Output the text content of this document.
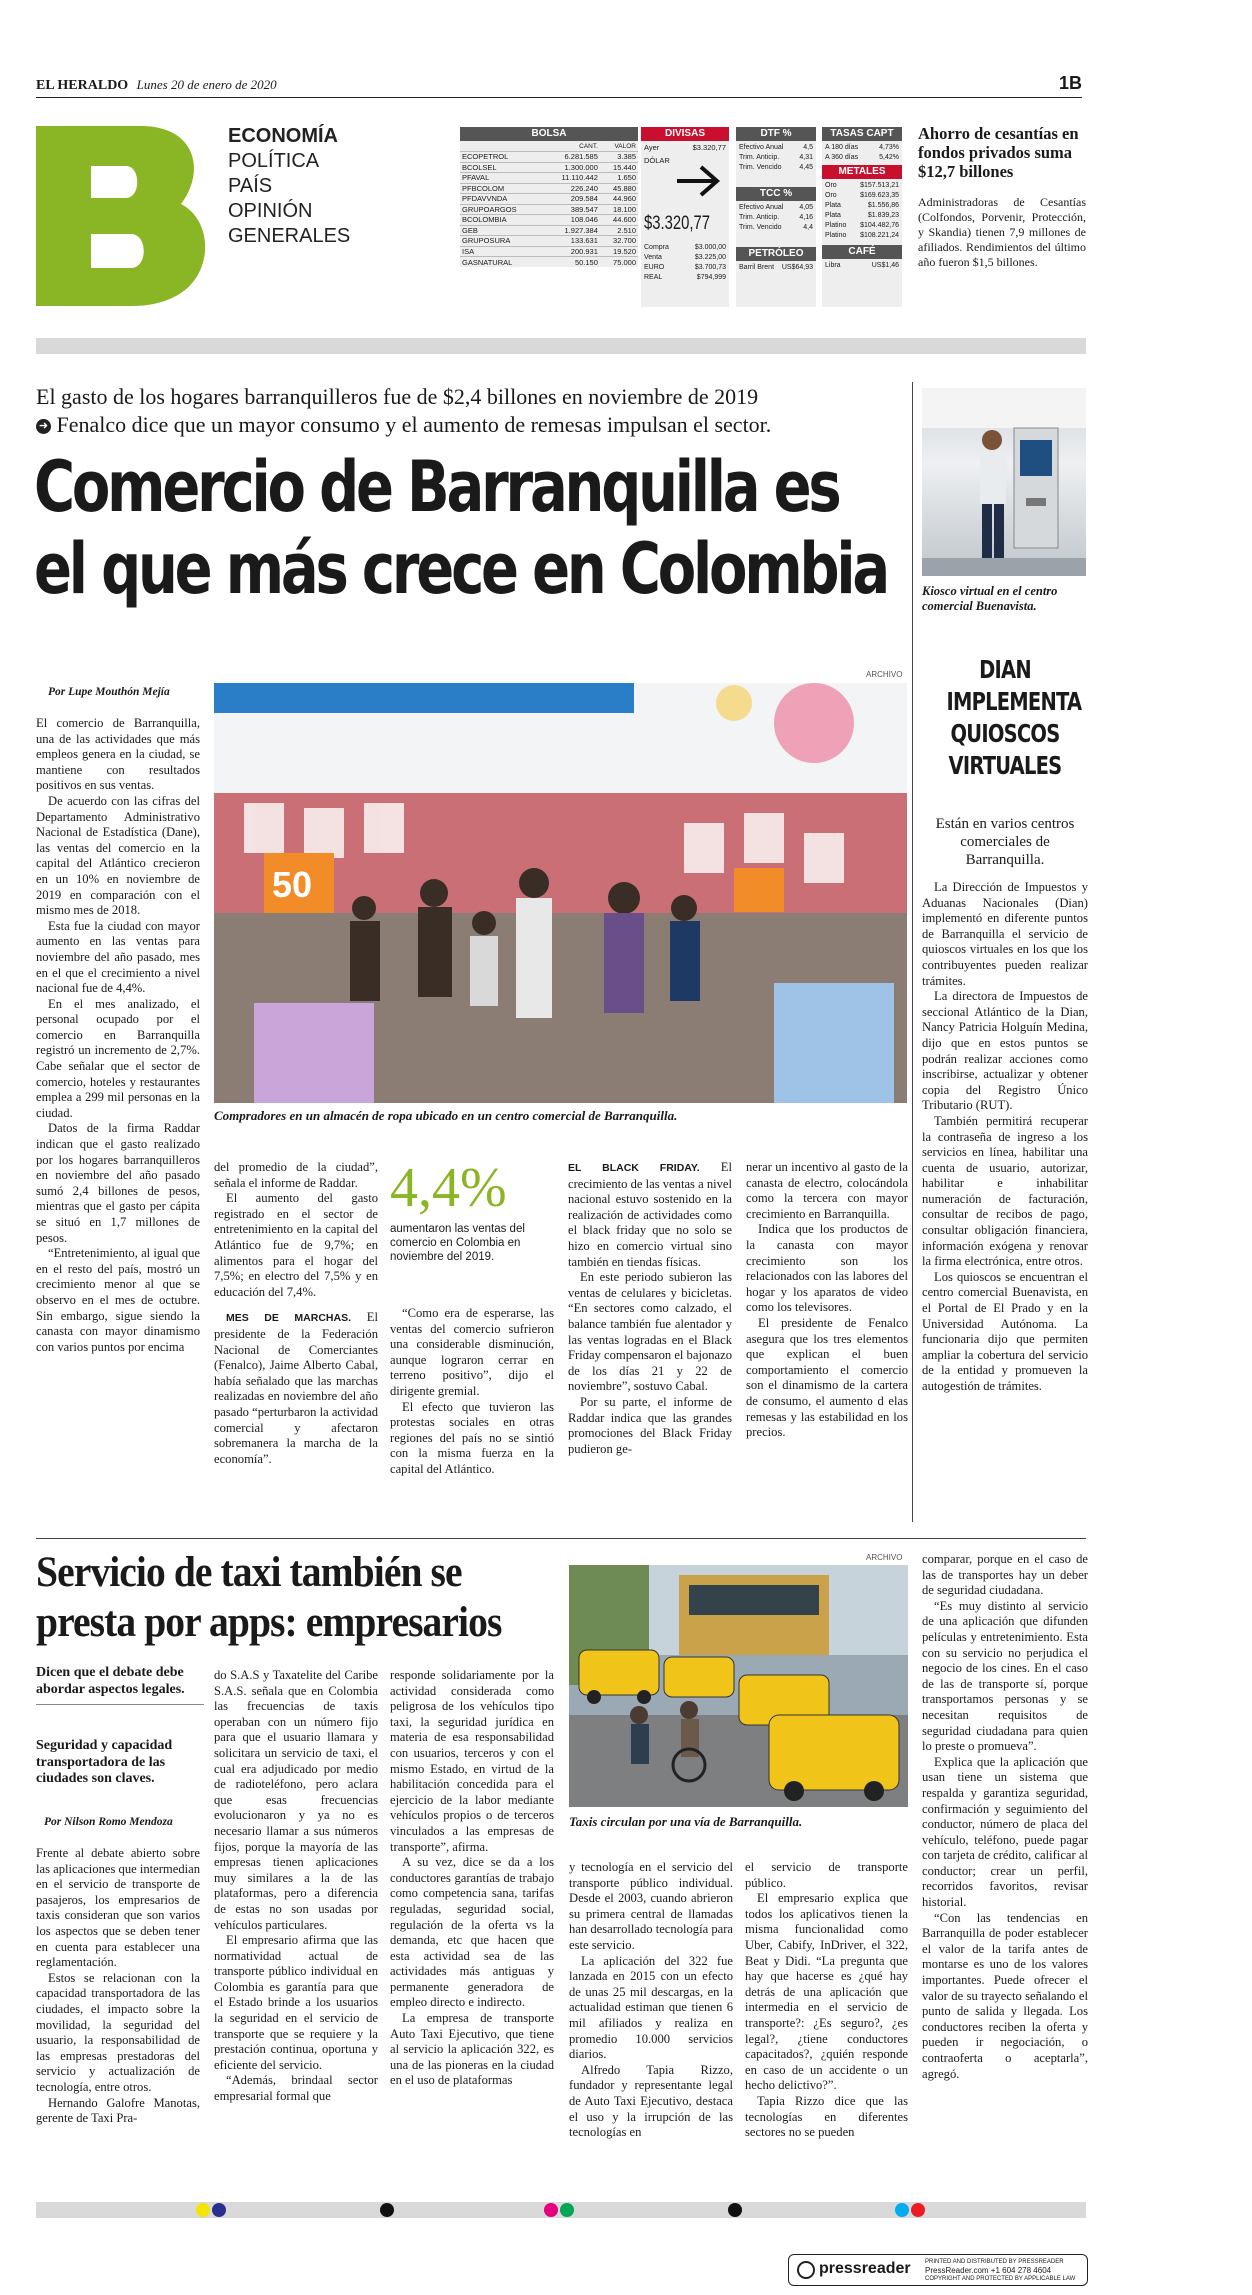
EL HERALDO Lunes 20 de enero de 2020	1B
ECONOMÍA
POLÍTICA
PAÍS
OPINIÓN
GENERALES
BOLSA
	CANT.	VALOR
ECOPETROL	6.281.585	3.385
BCOLSEL	1.300.000	15.440
PFAVAL	11.110.442	1.650
PFBCOLOM	226.240	45.880
PFDAVVNDA	209.584	44.960
GRUPOARGOS	389.547	18.100
BCOLOMBIA	108.046	44.600
GEB	1.927.384	2.510
GRUPOSURA	133.631	32.700
ISA	200.931	19.520
GASNATURAL	50.150	75.000
DIVISAS
Ayer	$3.320,77
DÓLAR
$3.320,77
Compra	$3.000,00
Venta	$3.225,00
EURO	$3.700,73
REAL	$794,999
DTF %
Efectivo Anual	4,5
Trim. Anticip.	4,31
Trim. Vencido	4,45
TCC %
Efectivo Anual 4,05
Trim. Anticip.	4,16
Trim. Vencido	4,4
PETRÓLEO
Barril Brent US$64,93
TASAS CAPT
A 180 días	4,73%
A 360 días	5,42%
METALES
Oro	$157.513,21
Oro	$169.623,35
Plata	$1.556,86
Plata	$1.839,23
Platino $104.482,76
Platino $108.221,24
CAFÉ
Libra	US$1,46
Ahorro de cesantías en fondos privados suma $12,7 billones
Administradoras de Cesantías (Colfondos, Porvenir, Protección, y Skandia) tienen 7,9 millones de afiliados. Rendimientos del último año fueron $1,5 billones.
El gasto de los hogares barranquilleros fue de $2,4 billones en noviembre de 2019
➜ Fenalco dice que un mayor consumo y el aumento de remesas impulsan el sector.
Comercio de Barranquilla es
el que más crece en Colombia	Kiosco virtual en el centro comercial Buenavista.
DIAN IMPLEMENTA QUIOSCOS VIRTUALES
Están en varios centros comerciales de Barranquilla.

La Dirección de Impuestos y Aduanas Nacionales (Dian) implementó en diferente puntos de Barranquilla el servicio de quioscos virtuales en los que los contribuyentes pueden realizar trámites.

La directora de Impuestos de seccional Atlántico de la Dian, Nancy Patricia Holguín Medina, dijo que en estos puntos se podrán realizar acciones como inscribirse, actualizar y obtener copia del Registro Único Tributario (RUT).

También permitirá recuperar la contraseña de ingreso a los servicios en línea, habilitar una cuenta de usuario, autorizar, habilitar e inhabilitar numeración de facturación, consultar de recibos de pago, consultar obligación financiera, información exógena y renovar la firma electrónica, entre otros.

Los quioscos se encuentran el centro comercial Buenavista, en el Portal de El Prado y en la Universidad Autónoma. La funcionaria dijo que permiten ampliar la cobertura del servicio de la entidad y promueven la autogestión de trámites.

ARCHIVO
50
Compradores en un almacén de ropa ubicado en un centro comercial de Barranquilla.
Por Lupe Mouthón Mejía

El comercio de Barranquilla, una de las actividades que más empleos genera en la ciudad, se mantiene con resultados positivos en sus ventas.

De acuerdo con las cifras del Departamento Administrativo Nacional de Estadística (Dane), las ventas del comercio en la capital del Atlántico crecieron en un 10% en noviembre de 2019 en comparación con el mismo mes de 2018.

Esta fue la ciudad con mayor aumento en las ventas para noviembre del año pasado, mes en el que el crecimiento a nivel nacional fue de 4,4%.

En el mes analizado, el personal ocupado por el comercio en Barranquilla registró un incremento de 2,7%. Cabe señalar que el sector de comercio, hoteles y restaurantes emplea a 299 mil personas en la ciudad.

Datos de la firma Raddar indican que el gasto realizado por los hogares barranquilleros en noviembre del año pasado sumó 2,4 billones de pesos, mientras que el gasto per cápita se situó en 1,7 millones de pesos.

“Entretenimiento, al igual que en el resto del país, mostró un crecimiento menor al que se observo en el mes de octubre. Sin embargo, sigue siendo la canasta con mayor dinamismo con varios puntos por encima

del promedio de la ciudad”, señala el informe de Raddar.

El aumento del gasto registrado en el sector de entretenimiento en la capital del Atlántico fue de 9,7%; en alimentos para el hogar del 7,5%; en electro del 7,5% y en educación del 7,4%.

MES DE MARCHAS. El presidente de la Federación Nacional de Comerciantes (Fenalco), Jaime Alberto Cabal, había señalado que las marchas realizadas en noviembre del año pasado “perturbaron la actividad comercial y afectaron sobremanera la marcha de la economía”.

4,4%
aumentaron las ventas del comercio en Colombia en noviembre del 2019.

“Como era de esperarse, las ventas del comercio sufrieron una considerable disminución, aunque lograron cerrar en terreno positivo”, dijo el dirigente gremial.

El efecto que tuvieron las protestas sociales en otras regiones del país no se sintió con la misma fuerza en la capital del Atlántico.

EL BLACK FRIDAY. El crecimiento de las ventas a nivel nacional estuvo sostenido en la realización de actividades como el black friday que no solo se hizo en comercio virtual sino también en tiendas físicas.

En este periodo subieron las ventas de celulares y bicicletas. “En sectores como calzado, el balance también fue alentador y las ventas logradas en el Black Friday compensaron el bajonazo de los días 21 y 22 de noviembre”, sostuvo Cabal.

Por su parte, el informe de Raddar indica que las grandes promociones del Black Friday pudieron ge-

nerar un incentivo al gasto de la canasta de electro, colocándola como la tercera con mayor crecimiento en Barranquilla.

Indica que los productos de la canasta con mayor crecimiento son los relacionados con las labores del hogar y los aparatos de video como los televisores.

El presidente de Fenalco asegura que los tres elementos que explican el buen comportamiento el comercio son el dinamismo de la cartera de consumo, el aumento d elas remesas y las estabilidad en los precios.

Servicio de taxi también se
presta por apps: empresarios
Dicen que el debate debe abordar aspectos legales.
Seguridad y capacidad transportadora de las ciudades son claves.
Por Nilson Romo Mendoza
ARCHIVO
Taxis circulan por una vía de Barranquilla.

Frente al debate abierto sobre las aplicaciones que intermedian en el servicio de transporte de pasajeros, los empresarios de taxis consideran que son varios los aspectos que se deben tener en cuenta para establecer una reglamentación.

Estos se relacionan con la capacidad transportadora de las ciudades, el impacto sobre la movilidad, la seguridad del usuario, la responsabilidad de las empresas prestadoras del servicio y actualización de tecnología, entre otros.

Hernando Galofre Manotas, gerente de Taxi Pra-

do S.A.S y Taxatelite del Caribe S.A.S. señala que en Colombia las frecuencias de taxis operaban con un número fijo para que el usuario llamara y solicitara un servicio de taxi, el cual era adjudicado por medio de radioteléfono, pero aclara que esas frecuencias evolucionaron y ya no es necesario llamar a sus números fijos, porque la mayoría de las empresas tienen aplicaciones muy similares a la de las plataformas, pero a diferencia de estas no son usadas por vehículos particulares.

El empresario afirma que las normatividad actual de transporte público individual en Colombia es garantía para que el Estado brinde a los usuarios la seguridad en el servicio de transporte que se requiere y la prestación continua, oportuna y eficiente del servicio.

“Además, brindaal sector empresarial formal que

responde solidariamente por la actividad considerada como peligrosa de los vehículos tipo taxi, la seguridad jurídica en materia de esa responsabilidad con usuarios, terceros y con el mismo Estado, en virtud de la habilitación concedida para el ejercicio de la labor mediante vehículos propios o de terceros vinculados a las empresas de transporte”, afirma.

A su vez, dice se da a los conductores garantías de trabajo como competencia sana, tarifas reguladas, seguridad social, regulación de la oferta vs la demanda, etc que hacen que esta actividad sea de las actividades más antiguas y permanente generadora de empleo directo e indirecto.

La empresa de transporte Auto Taxi Ejecutivo, que tiene al servicio la aplicación 322, es una de las pioneras en la ciudad en el uso de plataformas

y tecnología en el servicio del transporte público individual. Desde el 2003, cuando abrieron su primera central de llamadas han desarrollado tecnología para este servicio.

La aplicación del 322 fue lanzada en 2015 con un efecto de unas 25 mil descargas, en la actualidad estiman que tienen 6 mil afiliados y realiza en promedio 10.000 servicios diarios.

Alfredo Tapia Rizzo, fundador y representante legal de Auto Taxi Ejecutivo, destaca el uso y la irrupción de las tecnologías en

el servicio de transporte público.

El empresario explica que todos los aplicativos tienen la misma funcionalidad como Uber, Cabify, InDriver, el 322, Beat y Didi. “La pregunta que hay que hacerse es ¿qué hay detrás de una aplicación que intermedia en el servicio de transporte?: ¿Es seguro?, ¿es legal?, ¿tiene conductores capacitados?, ¿quién responde en caso de un accidente o un hecho delictivo?”.

Tapia Rizzo dice que las tecnologías en diferentes sectores no se pueden

comparar, porque en el caso de las de transportes hay un deber de seguridad ciudadana.

“Es muy distinto al servicio de una aplicación que difunden películas y entretenimiento. Esta con su servicio no perjudica el negocio de los cines. En el caso de las de transporte sí, porque transportamos personas y se necesitan requisitos de seguridad ciudadana para quien lo preste o promueva”.

Explica que la aplicación que usan tiene un sistema que respalda y garantiza seguridad, confirmación y seguimiento del conductor, número de placa del vehículo, teléfono, puede pagar con tarjeta de crédito, calificar al conductor; crear un perfil, recorridos favoritos, revisar historial.

“Con las tendencias en Barranquilla de poder establecer el valor de la tarifa antes de montarse es uno de los valores importantes. Puede ofrecer el valor de su trayecto señalando el punto de salida y llegada. Los conductores reciben la oferta y pueden ir negociación, o contraoferta o aceptarla”, agregó.

pressreader PRINTED AND DISTRIBUTED BY PRESSREADER
PressReader.com +1 604 278 4604
COPYRIGHT AND PROTECTED BY APPLICABLE LAW
